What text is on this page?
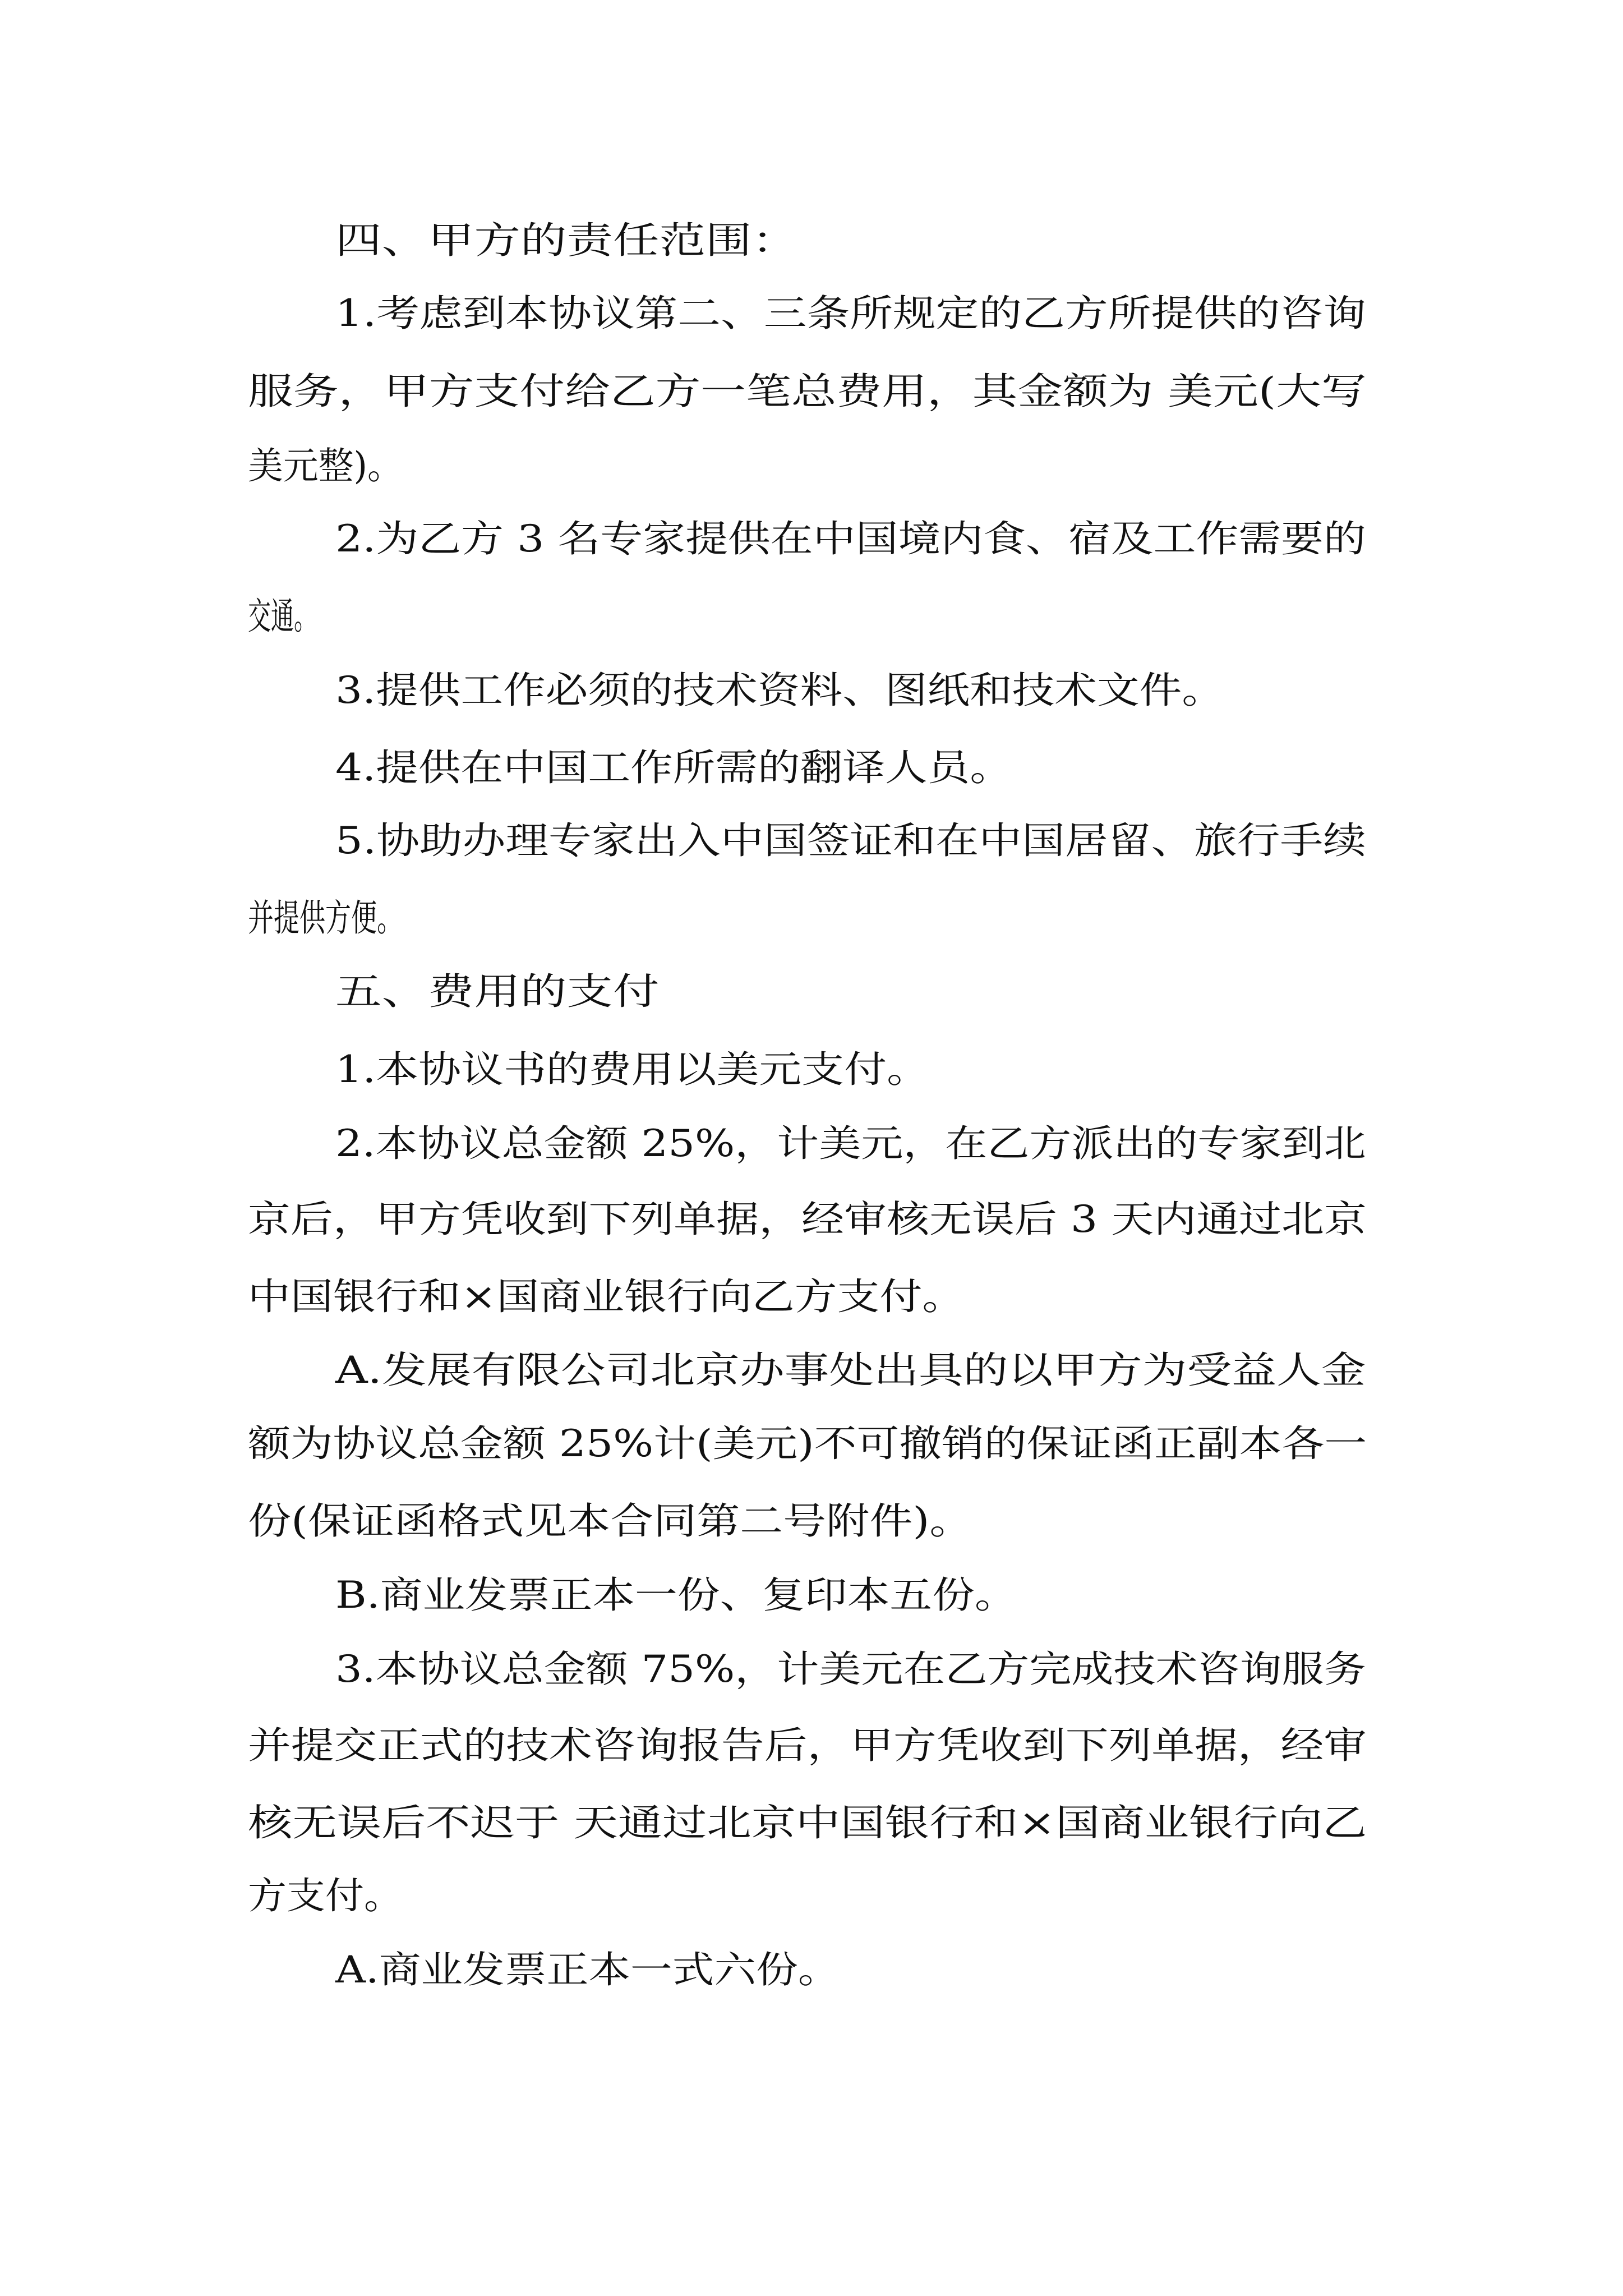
四、甲方的责任范围：
1.考虑到本协议第二、三条所规定的乙方所提供的咨询
服务，甲方支付给乙方一笔总费用，其金额为 美元(大写
美元整)。
2.为乙方 3 名专家提供在中国境内食、宿及工作需要的
交通。
3.提供工作必须的技术资料、图纸和技术文件。
4.提供在中国工作所需的翻译人员。
5.协助办理专家出入中国签证和在中国居留、旅行手续
并提供方便。
五、费用的支付
1.本协议书的费用以美元支付。
2.本协议总金额 25%，计美元，在乙方派出的专家到北
京后，甲方凭收到下列单据，经审核无误后 3 天内通过北京
中国银行和×国商业银行向乙方支付。
A.发展有限公司北京办事处出具的以甲方为受益人金
额为协议总金额 25%计(美元)不可撤销的保证函正副本各一
份(保证函格式见本合同第二号附件)。
B.商业发票正本一份、复印本五份。
3.本协议总金额 75%，计美元在乙方完成技术咨询服务
并提交正式的技术咨询报告后，甲方凭收到下列单据，经审
核无误后不迟于 天通过北京中国银行和×国商业银行向乙
方支付。
A.商业发票正本一式六份。
